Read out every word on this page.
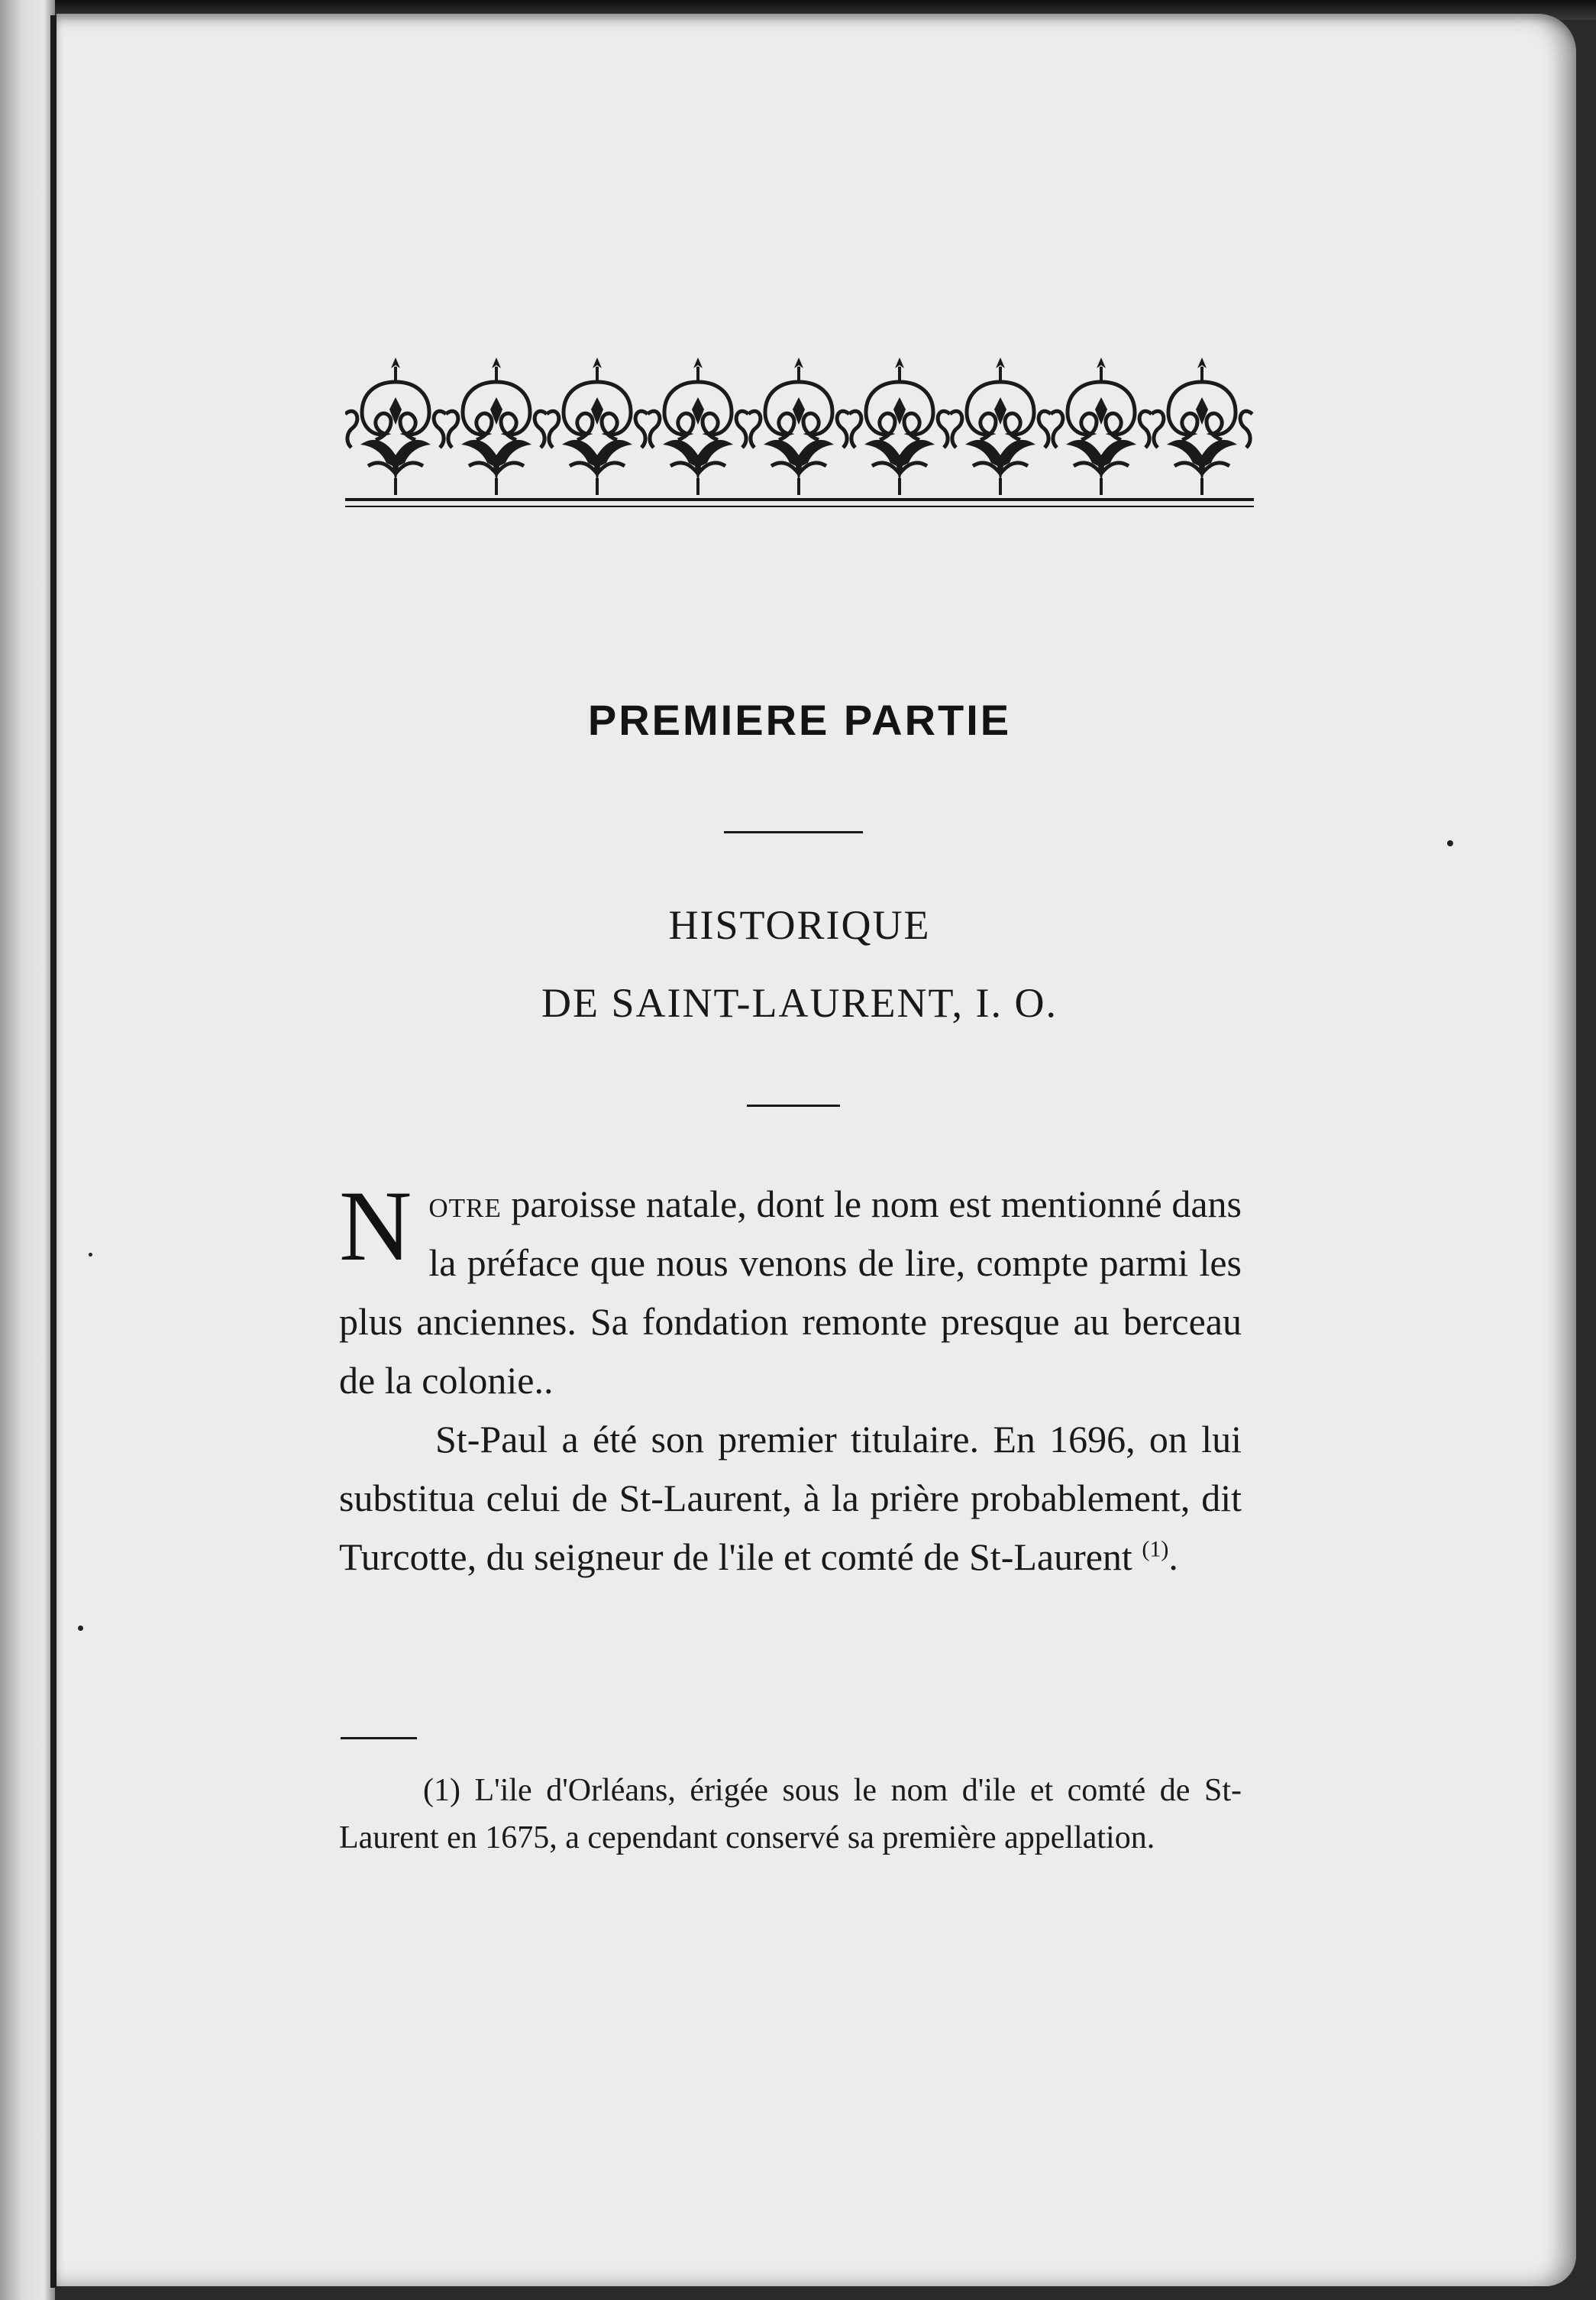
PREMIERE PARTIE
HISTORIQUE
DE SAINT-LAURENT, I. O.

Notre paroisse natale, dont le nom est mentionné dans la préface que nous venons de lire, compte parmi les plus anciennes. Sa fondation remonte presque au berceau de la colonie..

St-Paul a été son premier titulaire. En 1696, on lui substitua celui de St-Laurent, à la prière probablement, dit Turcotte, du seigneur de l'ile et comté de St-Laurent $^{(1)}$.

(1) L'ile d'Orléans, érigée sous le nom d'ile et comté de St-Laurent en 1675, a cependant conservé sa première appellation.
